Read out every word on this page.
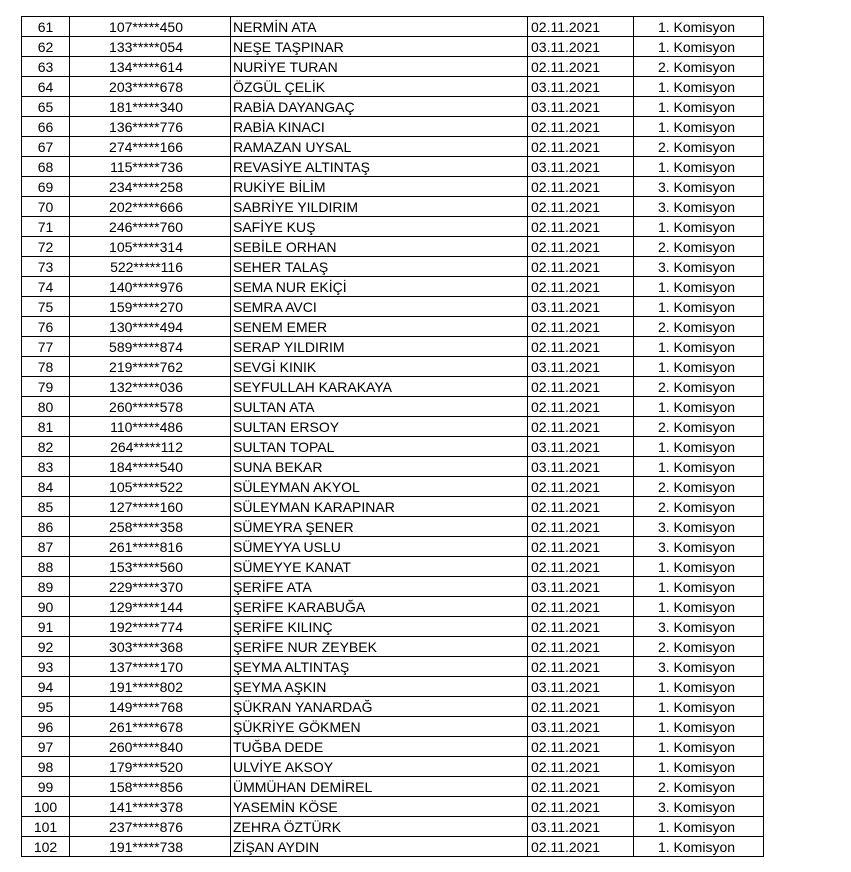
61	107*****450	NERMİN ATA	02.11.2021	1. Komisyon
62	133*****054	NEŞE TAŞPINAR	03.11.2021	1. Komisyon
63	134*****614	NURİYE TURAN	02.11.2021	2. Komisyon
64	203*****678	ÖZGÜL ÇELİK	03.11.2021	1. Komisyon
65	181*****340	RABİA DAYANGAÇ	03.11.2021	1. Komisyon
66	136*****776	RABİA KINACI	02.11.2021	1. Komisyon
67	274*****166	RAMAZAN UYSAL	02.11.2021	2. Komisyon
68	115*****736	REVASİYE ALTINTAŞ	03.11.2021	1. Komisyon
69	234*****258	RUKİYE BİLİM	02.11.2021	3. Komisyon
70	202*****666	SABRİYE YILDIRIM	02.11.2021	3. Komisyon
71	246*****760	SAFİYE KUŞ	02.11.2021	1. Komisyon
72	105*****314	SEBİLE ORHAN	02.11.2021	2. Komisyon
73	522*****116	SEHER TALAŞ	02.11.2021	3. Komisyon
74	140*****976	SEMA NUR EKİÇİ	02.11.2021	1. Komisyon
75	159*****270	SEMRA AVCI	03.11.2021	1. Komisyon
76	130*****494	SENEM EMER	02.11.2021	2. Komisyon
77	589*****874	SERAP YILDIRIM	02.11.2021	1. Komisyon
78	219*****762	SEVGİ KINIK	03.11.2021	1. Komisyon
79	132*****036	SEYFULLAH KARAKAYA	02.11.2021	2. Komisyon
80	260*****578	SULTAN ATA	02.11.2021	1. Komisyon
81	110*****486	SULTAN ERSOY	02.11.2021	2. Komisyon
82	264*****112	SULTAN TOPAL	03.11.2021	1. Komisyon
83	184*****540	SUNA BEKAR	03.11.2021	1. Komisyon
84	105*****522	SÜLEYMAN AKYOL	02.11.2021	2. Komisyon
85	127*****160	SÜLEYMAN KARAPINAR	02.11.2021	2. Komisyon
86	258*****358	SÜMEYRA ŞENER	02.11.2021	3. Komisyon
87	261*****816	SÜMEYYA USLU	02.11.2021	3. Komisyon
88	153*****560	SÜMEYYE KANAT	02.11.2021	1. Komisyon
89	229*****370	ŞERİFE ATA	03.11.2021	1. Komisyon
90	129*****144	ŞERİFE KARABUĞA	02.11.2021	1. Komisyon
91	192*****774	ŞERİFE KILINÇ	02.11.2021	3. Komisyon
92	303*****368	ŞERİFE NUR ZEYBEK	02.11.2021	2. Komisyon
93	137*****170	ŞEYMA ALTINTAŞ	02.11.2021	3. Komisyon
94	191*****802	ŞEYMA AŞKIN	03.11.2021	1. Komisyon
95	149*****768	ŞÜKRAN YANARDAĞ	02.11.2021	1. Komisyon
96	261*****678	ŞÜKRİYE GÖKMEN	03.11.2021	1. Komisyon
97	260*****840	TUĞBA DEDE	02.11.2021	1. Komisyon
98	179*****520	ULVİYE AKSOY	02.11.2021	1. Komisyon
99	158*****856	ÜMMÜHAN DEMİREL	02.11.2021	2. Komisyon
100	141*****378	YASEMİN KÖSE	02.11.2021	3. Komisyon
101	237*****876	ZEHRA ÖZTÜRK	03.11.2021	1. Komisyon
102	191*****738	ZİŞAN AYDIN	02.11.2021	1. Komisyon
